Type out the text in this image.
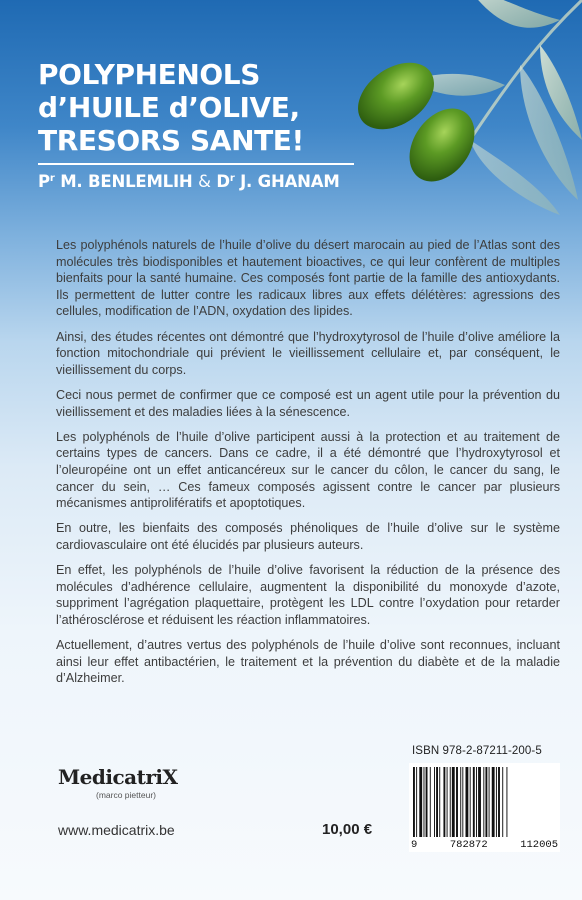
POLYPHENOLS
d’HUILE d’OLIVE,
TRESORS SANTE!
$P^r$ M. BENLEMLIH & $D^r$ J. GHANAM

Les polyphénols naturels de l’huile d’olive du désert marocain au pied de l’Atlas sont des molécules très biodisponibles et hautement bioactives, ce qui leur confèrent de multiples bienfaits pour la santé humaine. Ces composés font partie de la famille des antioxydants. Ils permettent de lutter contre les radicaux libres aux effets délétères: agressions des cellules, modification de l’ADN, oxydation des lipides.

Ainsi, des études récentes ont démontré que l’hydroxytyrosol de l’huile d’olive améliore la fonction mitochondriale qui prévient le vieillissement cellulaire et, par conséquent, le vieillissement du corps.

Ceci nous permet de confirmer que ce composé est un agent utile pour la prévention du vieillissement et des maladies liées à la sénescence.

Les polyphénols de l’huile d’olive participent aussi à la protection et au traitement de certains types de cancers. Dans ce cadre, il a été démontré que l’hydroxytyrosol et l’oleuropéine ont un effet anticancéreux sur le cancer du côlon, le cancer du sang, le cancer du sein, … Ces fameux composés agissent contre le cancer par plusieurs mécanismes antiprolifératifs et apoptotiques.

En outre, les bienfaits des composés phénoliques de l’huile d’olive sur le système cardiovasculaire ont été élucidés par plusieurs auteurs.

En effet, les polyphénols de l’huile d’olive favorisent la réduction de la présence des molécules d’adhérence cellulaire, augmentent la disponibilité du monoxyde d’azote, suppriment l’agrégation plaquettaire, protègent les LDL contre l’oxydation pour retarder l’athérosclérose et réduisent les réaction inflammatoires.

Actuellement, d’autres vertus des polyphénols de l’huile d’olive sont reconnues, incluant ainsi leur effet antibactérien, le traitement et la prévention du diabète et de la maladie d’Alzheimer.

MedicatriX
(marco pietteur)
www.medicatrix.be	10,00 €
ISBN 978-2-87211-200-5
9	782872	112005
